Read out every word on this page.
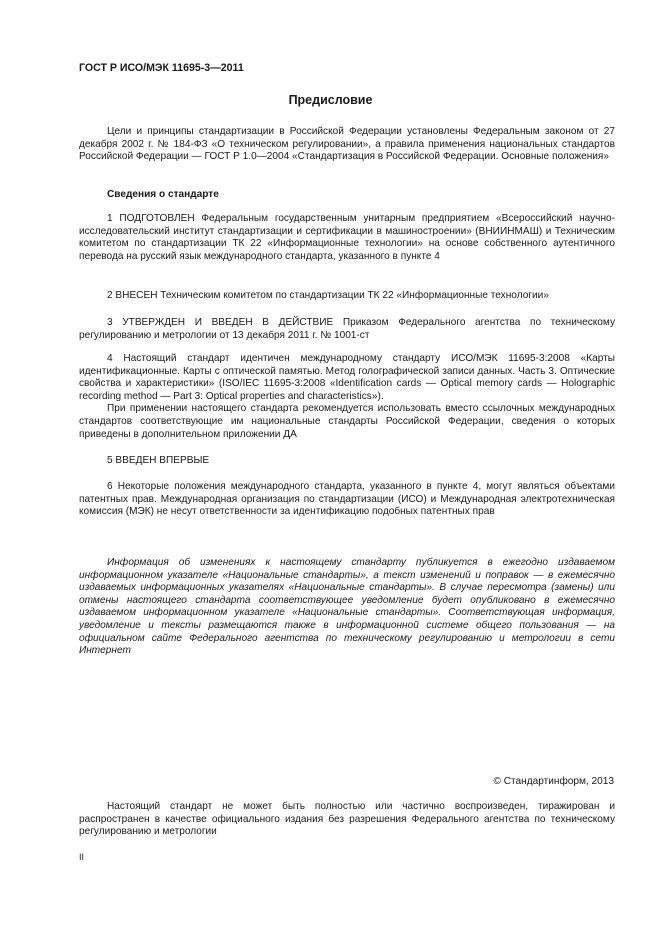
ГОСТ Р ИСО/МЭК 11695-3—2011
Предисловие

Цели и принципы стандартизации в Российской Федерации установлены Федеральным законом от 27 декабря 2002 г. № 184-ФЗ «О техническом регулировании», а правила применения национальных стандартов Российской Федерации — ГОСТ Р 1.0—2004 «Стандартизация в Российской Федерации. Основные положения»

Сведения о стандарте

1 ПОДГОТОВЛЕН Федеральным государственным унитарным предприятием «Всероссийский научно-исследовательский институт стандартизации и сертификации в машиностроении» (ВНИИНМАШ) и Техническим комитетом по стандартизации ТК 22 «Информационные технологии» на основе собственного аутентичного перевода на русский язык международного стандарта, указанного в пункте 4

2 ВНЕСЕН Техническим комитетом по стандартизации ТК 22 «Информационные технологии»

3 УТВЕРЖДЕН И ВВЕДЕН В ДЕЙСТВИЕ Приказом Федерального агентства по техническому регулированию и метрологии от 13 декабря 2011 г. № 1001-ст

4 Настоящий стандарт идентичен международному стандарту ИСО/МЭК 11695-3:2008 «Карты идентификационные. Карты с оптической памятью. Метод голографической записи данных. Часть 3. Оптические свойства и характеристики» (ISO/IEC 11695-3:2008 «Identification cards — Optical memory cards — Holographic recording method — Part 3: Optical properties and characteristics»).

При применении настоящего стандарта рекомендуется использовать вместо ссылочных международных стандартов соответствующие им национальные стандарты Российской Федерации, сведения о которых приведены в дополнительном приложении ДА

5 ВВЕДЕН ВПЕРВЫЕ

6 Некоторые положения международного стандарта, указанного в пункте 4, могут являться объектами патентных прав. Международная организация по стандартизации (ИСО) и Международная электротехническая комиссия (МЭК) не несут ответственности за идентификацию подобных патентных прав

Информация об изменениях к настоящему стандарту публикуется в ежегодно издаваемом информационном указателе «Национальные стандарты», а текст изменений и поправок — в ежемесячно издаваемых информационных указателях «Национальные стандарты». В случае пересмотра (замены) или отмены настоящего стандарта соответствующее уведомление будет опубликовано в ежемесячно издаваемом информационном указателе «Национальные стандарты». Соответствующая информация, уведомление и тексты размещаются также в информационной системе общего пользования — на официальном сайте Федерального агентства по техническому регулированию и метрологии в сети Интернет
© Стандартинформ, 2013

Настоящий стандарт не может быть полностью или частично воспроизведен, тиражирован и распространен в качестве официального издания без разрешения Федерального агентства по техническому регулированию и метрологии

II
